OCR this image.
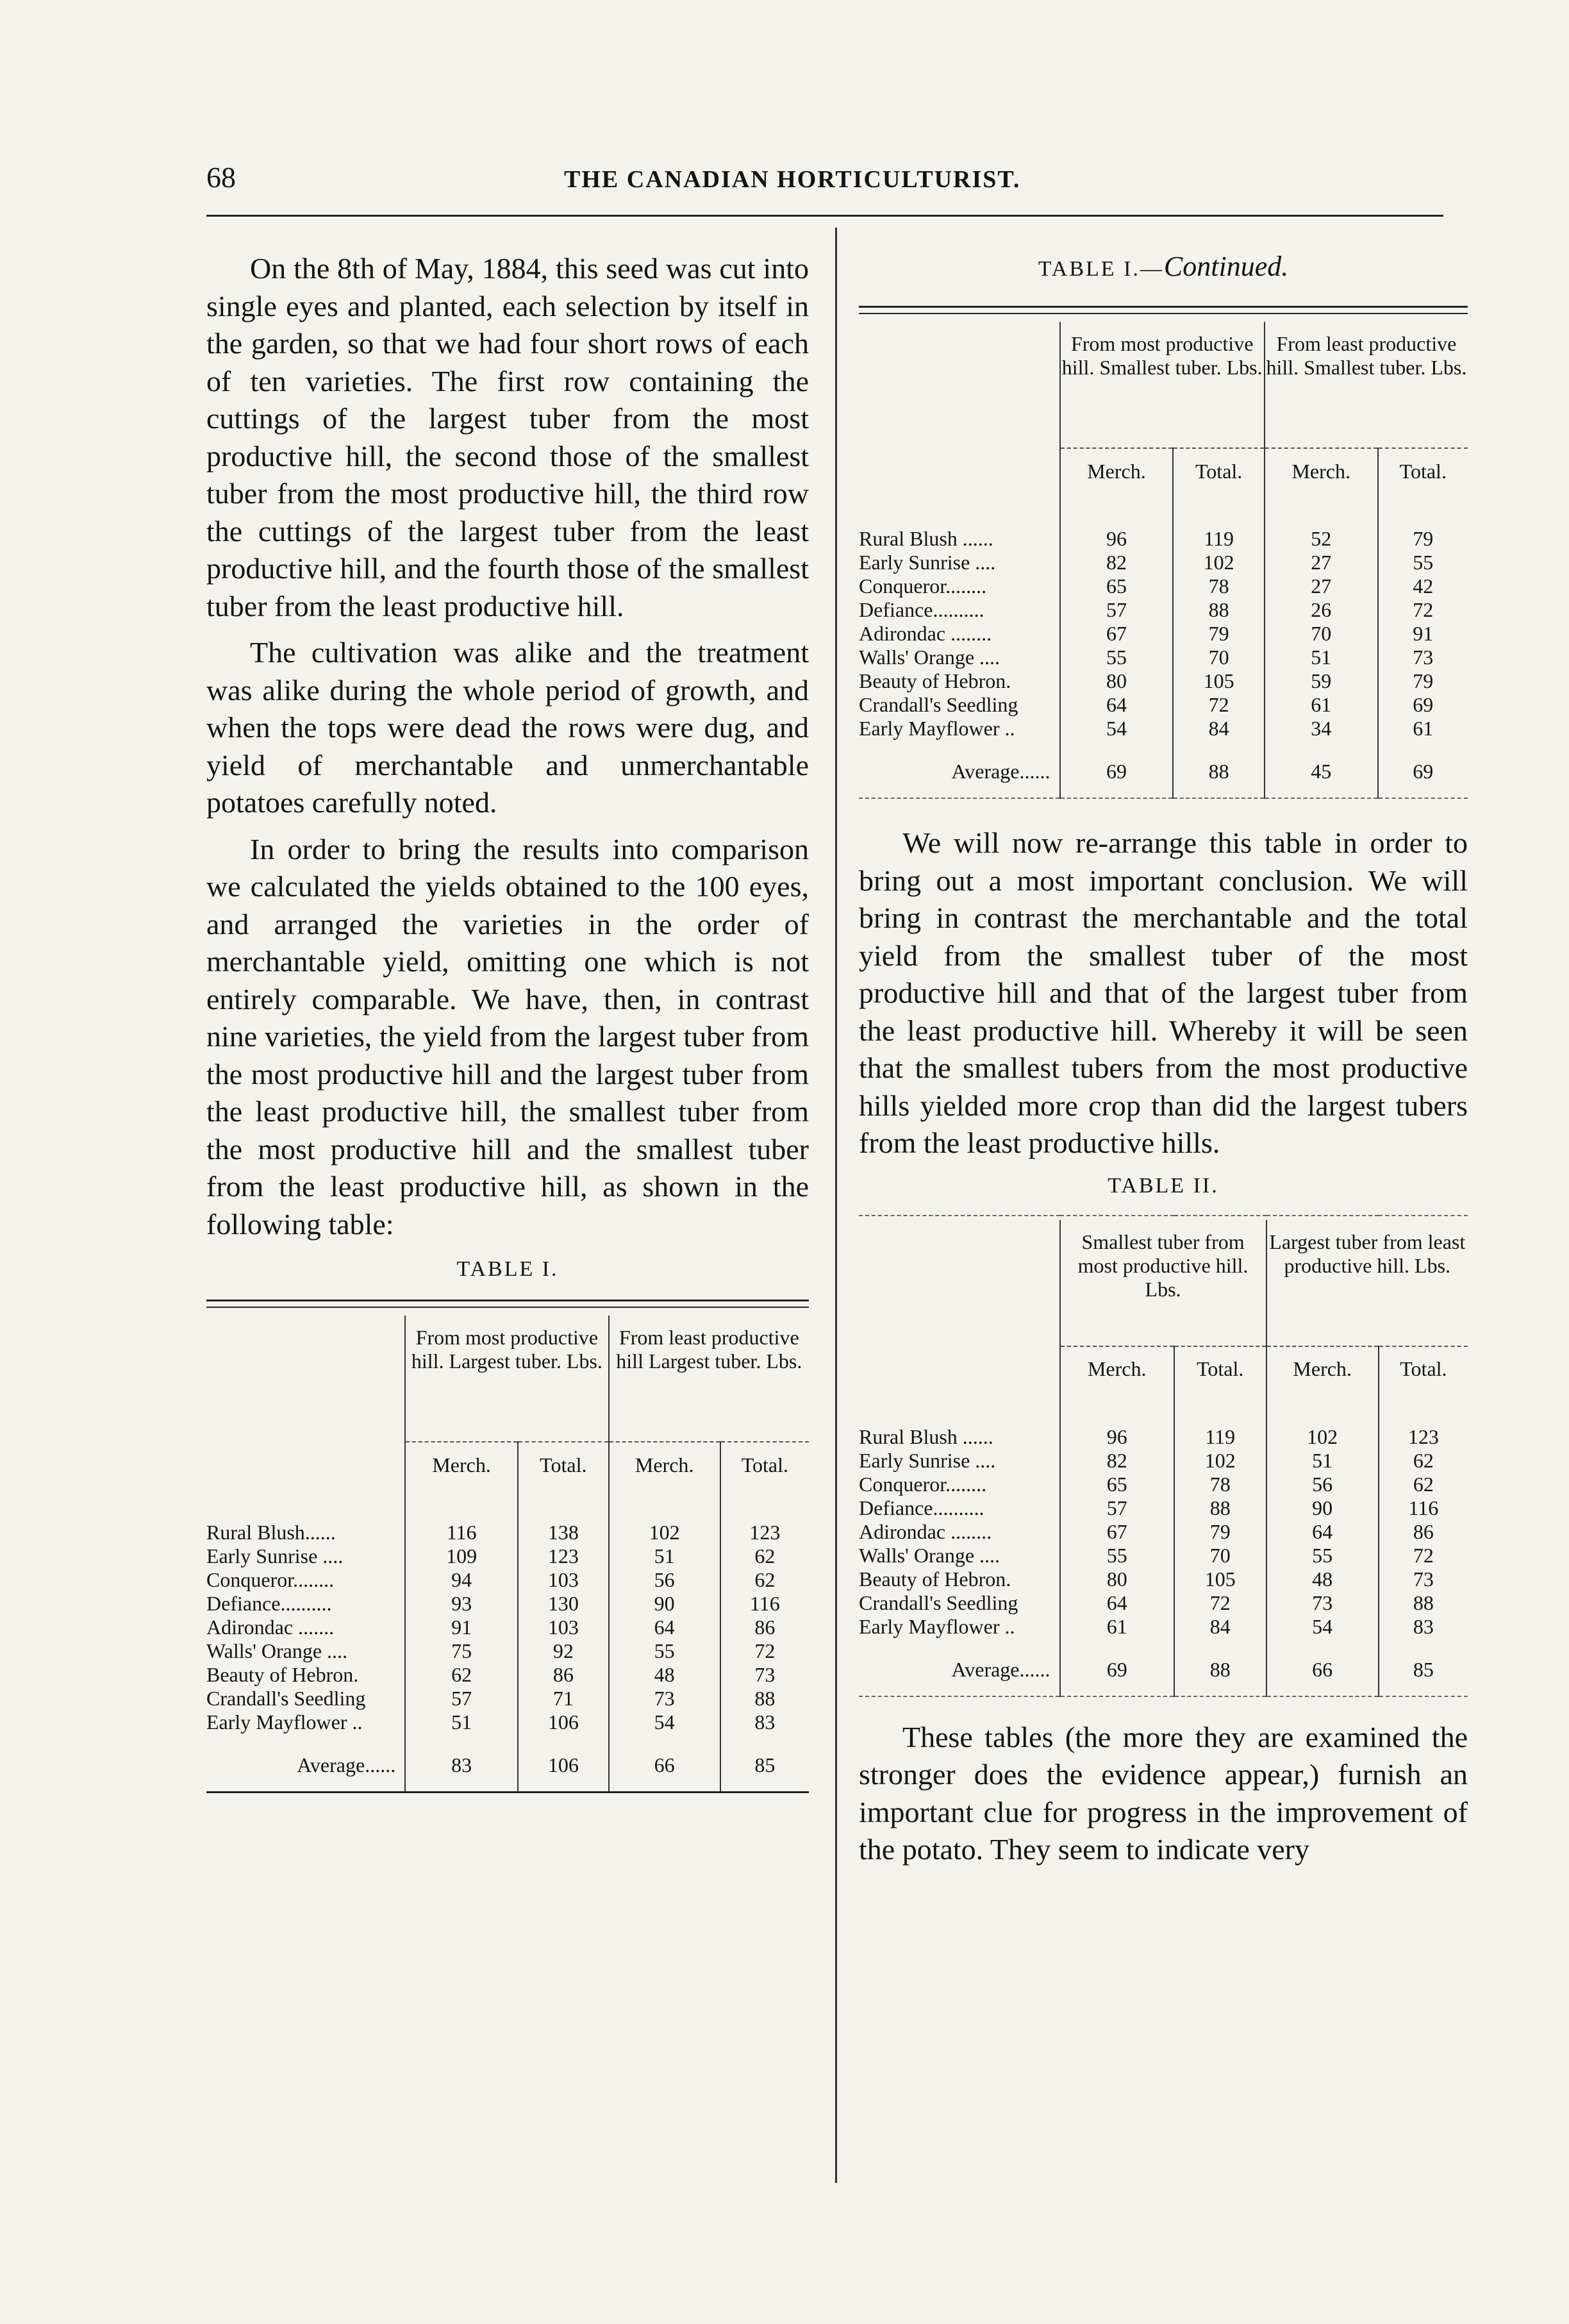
68	THE CANADIAN HORTICULTURIST.

On the 8th of May, 1884, this seed was cut into single eyes and planted, each selection by itself in the garden, so that we had four short rows of each of ten varieties. The first row containing the cuttings of the largest tuber from the most productive hill, the second those of the smallest tuber from the most productive hill, the third row the cuttings of the largest tuber from the least productive hill, and the fourth those of the smallest tuber from the least productive hill.

The cultivation was alike and the treatment was alike during the whole period of growth, and when the tops were dead the rows were dug, and yield of merchantable and unmerchantable potatoes carefully noted.

In order to bring the results into comparison we calculated the yields obtained to the 100 eyes, and arranged the varieties in the order of merchantable yield, omitting one which is not entirely comparable. We have, then, in contrast nine varieties, the yield from the largest tuber from the most productive hill and the largest tuber from the least productive hill, the smallest tuber from the most productive hill and the smallest tuber from the least productive hill, as shown in the following table:

TABLE I.

	From most productive hill. Largest tuber. Lbs.		From least productive hill Largest tuber. Lbs.	
	Merch.	Total.	Merch.	Total.
Rural Blush......	116	138	102	123
Early Sunrise ....	109	123	51	62
Conqueror........	94	103	56	62
Defiance..........	93	130	90	116
Adirondac .......	91	103	64	86
Walls' Orange ....	75	92	55	72
Beauty of Hebron.	62	86	48	73
Crandall's Seedling	57	71	73	88
Early Mayflower ..	51	106	54	83
Average......	83	106	66	85

TABLE I.—Continued.

	From most productive hill. Smallest tuber. Lbs.		From least productive hill. Smallest tuber. Lbs.	
	Merch.	Total.	Merch.	Total.
Rural Blush ......	96	119	52	79
Early Sunrise ....	82	102	27	55
Conqueror........	65	78	27	42
Defiance..........	57	88	26	72
Adirondac ........	67	79	70	91
Walls' Orange ....	55	70	51	73
Beauty of Hebron.	80	105	59	79
Crandall's Seedling	64	72	61	69
Early Mayflower ..	54	84	34	61
Average......	69	88	45	69

We will now re-arrange this table in order to bring out a most important conclusion. We will bring in contrast the merchantable and the total yield from the smallest tuber of the most productive hill and that of the largest tuber from the least productive hill. Whereby it will be seen that the smallest tubers from the most productive hills yielded more crop than did the largest tubers from the least productive hills.

TABLE II.

	Smallest tuber from most productive hill. Lbs.		Largest tuber from least productive hill. Lbs.	
	Merch.	Total.	Merch.	Total.
Rural Blush ......	96	119	102	123
Early Sunrise ....	82	102	51	62
Conqueror........	65	78	56	62
Defiance..........	57	88	90	116
Adirondac ........	67	79	64	86
Walls' Orange ....	55	70	55	72
Beauty of Hebron.	80	105	48	73
Crandall's Seedling	64	72	73	88
Early Mayflower ..	61	84	54	83
Average......	69	88	66	85

These tables (the more they are examined the stronger does the evidence appear,) furnish an important clue for progress in the improvement of the potato. They seem to indicate very
